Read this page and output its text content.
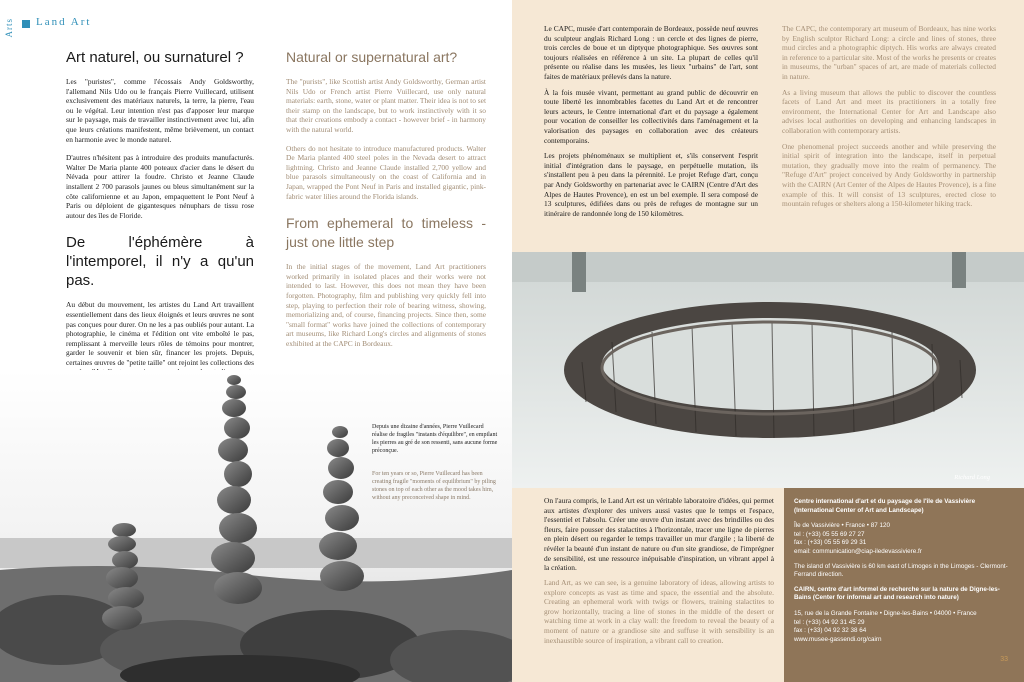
Arts Land Art
Art naturel, ou surnaturel ?

Les "puristes", comme l'écossais Andy Goldsworthy, l'allemand Nils Udo ou le français Pierre Vuillecard, utilisent exclusivement des matériaux naturels, la terre, la pierre, l'eau ou le végétal. Leur intention n'est pas d'apposer leur marque sur le paysage, mais de travailler instinctivement avec lui, afin que leurs créations manifestent, même brièvement, un contact en harmonie avec le monde naturel.

D'autres n'hésitent pas à introduire des produits manufacturés. Walter De Maria plante 400 poteaux d'acier dans le désert du Névada pour attirer la foudre. Christo et Jeanne Claude installent 2 700 parasols jaunes ou bleus simultanément sur la côte californienne et au Japon, empaquettent le Pont Neuf à Paris ou déploient de gigantesques nénuphars de tissu rose autour des îles de Floride.

De l'éphémère à l'intemporel, il n'y a qu'un pas.

Au début du mouvement, les artistes du Land Art travaillent essentiellement dans des lieux éloignés et leurs œuvres ne sont pas conçues pour durer. On ne les a pas oubliés pour autant. La photographie, le cinéma et l'édition ont vite emboîté le pas, remplissant à merveille leurs rôles de témoins pour montrer, garder le souvenir et bien sûr, financer les projets. Depuis, certaines œuvres de "petite taille" ont rejoint les collections des

Natural or supernatural art?

The "purists", like Scottish artist Andy Goldsworthy, German artist Nils Udo or French artist Pierre Vuillecard, use only natural materials: earth, stone, water or plant matter. Their idea is not to set their stamp on the landscape, but to work instinctively with it so that their creations embody a contact - however brief - in harmony with the natural world.

Others do not hesitate to introduce manufactured products. Walter De Maria planted 400 steel poles in the Nevada desert to attract lightning. Christo and Jeanne Claude installed 2,700 yellow and blue parasols simultaneously on the coast of California and in Japan, wrapped the Pont Neuf in Paris and installed gigantic, pink-fabric water lilies around the Florida islands.

From ephemeral to timeless - just one little step

In the initial stages of the movement, Land Art practitioners worked primarily in isolated places and their works were not intended to last. However, this does not mean they have been forgotten. Photography, film and publishing very quickly fell into step, playing to perfection their role of bearing witness, showing, memorializing and, of course, financing projects. Since then, some "small format" works have joined the collections of contemporary art museums, like Richard Long's circles and alignments of stones exhibited at the CAPC in Bordeaux.

Depuis une dizaine d'années, Pierre Vuillecard réalise de fragiles "instants d'équilibre", en empilant les pierres au gré de son ressenti, sans aucune forme préconçue.
For ten years or so, Pierre Vuillecard has been creating fragile "moments of equilibrium" by piling stones on top of each other as the mood takes him, without any preconceived shape in mind.

Le CAPC, musée d'art contemporain de Bordeaux, possède neuf œuvres du sculpteur anglais Richard Long : un cercle et des lignes de pierre, trois cercles de boue et un diptyque photographique. Ses œuvres sont toujours réalisées en référence à un site. La plupart de celles qu'il présente ou réalise dans les musées, les lieux "urbains" de l'art, sont faites de matériaux prélevés dans la nature.

À la fois musée vivant, permettant au grand public de découvrir en toute liberté les innombrables facettes du Land Art et de rencontrer leurs acteurs, le Centre international d'art et du paysage a également pour vocation de conseiller les collectivités dans l'aménagement et la valorisation des paysages en collaboration avec des créateurs contemporains.

Les projets phénoménaux se multiplient et, s'ils conservent l'esprit initial d'intégration dans le paysage, en perpétuelle mutation, ils s'installent peu à peu dans la pérennité. Le projet Refuge d'art, conçu par Andy Goldsworthy en partenariat avec le CAIRN (Centre d'Art des Alpes de Hautes Provence), en est un bel exemple. Il sera composé de 13 sculptures, édifiées dans ou près de refuges de montagne sur un itinéraire de randonnée long de 150 kilomètres.

The CAPC, the contemporary art museum of Bordeaux, has nine works by English sculptor Richard Long: a circle and lines of stones, three mud circles and a photographic diptych. His works are always created in reference to a particular site. Most of the works he presents or creates in museums, the "urban" spaces of art, are made of materials collected in nature.

As a living museum that allows the public to discover the countless facets of Land Art and meet its practitioners in a totally free environment, the International Center for Art and Landscape also advises local authorities on developing and enhancing landscapes in collaboration with contemporary artists.

One phenomenal project succeeds another and while preserving the initial spirit of integration into the landscape, itself in perpetual mutation, they gradually move into the realm of permanency. The "Refuge d'Art" project conceived by Andy Goldsworthy in partnership with the CAIRN (Art Center of the Alpes de Hautes Provence), is a fine example of this. It will consist of 13 sculptures, erected close to mountain refuges or shelters along a 150-kilometer hiking track.

Richard Long

On l'aura compris, le Land Art est un véritable laboratoire d'idées, qui permet aux artistes d'explorer des univers aussi vastes que le temps et l'espace, l'essentiel et l'absolu. Créer une œuvre d'un instant avec des brindilles ou des fleurs, faire pousser des stalactites à l'horizontale, tracer une ligne de pierres en plein désert ou regarder le temps travailler un mur d'argile ; la liberté de révéler la beauté d'un instant de nature ou d'un site grandiose, de l'imprégner de sensibilité, est une ressource inépuisable d'inspiration, un vibrant appel à la création.

Land Art, as we can see, is a genuine laboratory of ideas, allowing artists to explore concepts as vast as time and space, the essential and the absolute. Creating an ephemeral work with twigs or flowers, training stalactites to grow horizontally, tracing a line of stones in the middle of the desert or watching time at work in a clay wall: the freedom to reveal the beauty of a moment of nature or a grandiose site and suffuse it with sensibility is an inexhaustible source of inspiration, a vibrant call to creation.

Centre international d'art et du paysage de l'île de Vassivière (International Center of Art and Landscape)
Île de Vassivière • France • 87 120
tel : (+33) 05 55 69 27 27
fax : (+33) 05 55 69 29 31
email: communication@ciap-iledevassiviere.fr
The island of Vassivière is 60 km east of Limoges in the Limoges - Clermont-Ferrand direction.
CAIRN, centre d'art informel de recherche sur la nature de Digne-les-Bains (Center for informal art and research into nature)
15, rue de la Grande Fontaine • Digne-les-Bains • 04000 • France
tel : (+33) 04 92 31 45 29
fax : (+33) 04 92 32 38 64
www.musee-gassendi.org/cairn
33
